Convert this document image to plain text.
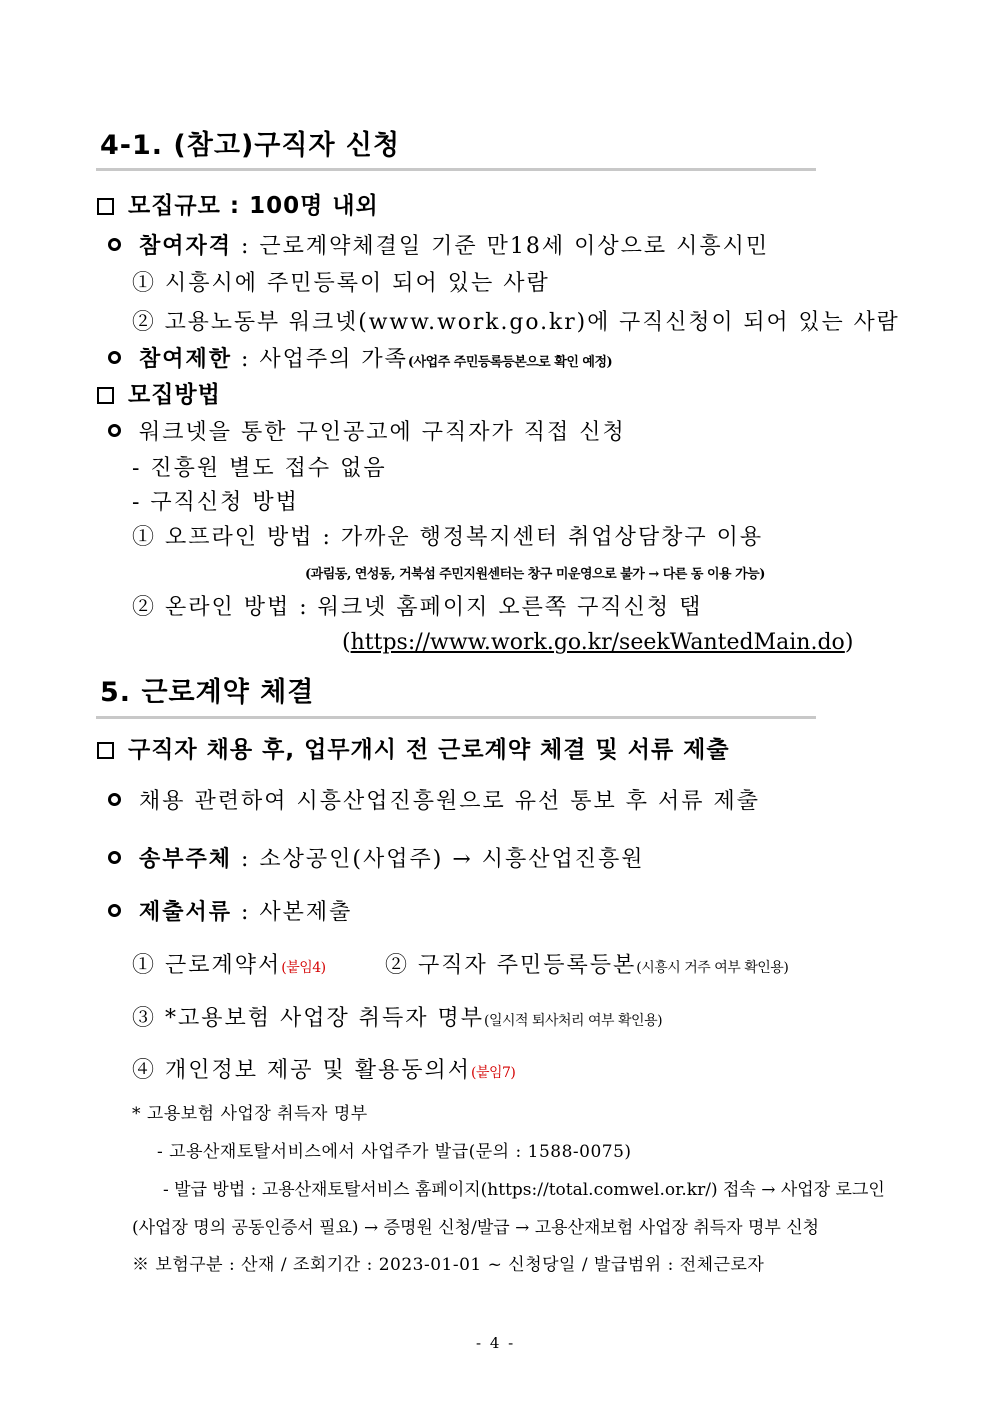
4-1. (참고)구직자 신청
모집규모 : 100명 내외
참여자격 : 근로계약체결일 기준 만18세 이상으로 시흥시민
① 시흥시에 주민등록이 되어 있는 사람
② 고용노동부 워크넷(www.work.go.kr)에 구직신청이 되어 있는 사람
참여제한 : 사업주의 가족(사업주 주민등록등본으로 확인 예정)
모집방법
워크넷을 통한 구인공고에 구직자가 직접 신청
- 진흥원 별도 접수 없음
- 구직신청 방법
① 오프라인 방법 : 가까운 행정복지센터 취업상담창구 이용
(과림동, 연성동, 거북섬 주민지원센터는 창구 미운영으로 불가 → 다른 동 이용 가능)
② 온라인 방법 : 워크넷 홈페이지 오른쪽 구직신청 탭
(https://www.work.go.kr/seekWantedMain.do)
5. 근로계약 체결
구직자 채용 후, 업무개시 전 근로계약 체결 및 서류 제출
채용 관련하여 시흥산업진흥원으로 유선 통보 후 서류 제출
송부주체 : 소상공인(사업주) → 시흥산업진흥원
제출서류 : 사본제출
① 근로계약서(붙임4)	② 구직자 주민등록등본(시흥시 거주 여부 확인용)
③ *고용보험 사업장 취득자 명부(일시적 퇴사처리 여부 확인용)
④ 개인정보 제공 및 활용동의서(붙임7)
* 고용보험 사업장 취득자 명부
- 고용산재토탈서비스에서 사업주가 발급(문의 : 1588-0075)
- 발급 방법 : 고용산재토탈서비스 홈페이지(https://total.comwel.or.kr/) 접속 → 사업장 로그인
(사업장 명의 공동인증서 필요) → 증명원 신청/발급 → 고용산재보험 사업장 취득자 명부 신청
※ 보험구분 : 산재 / 조회기간 : 2023-01-01 ~ 신청당일 / 발급범위 : 전체근로자
- 4 -
